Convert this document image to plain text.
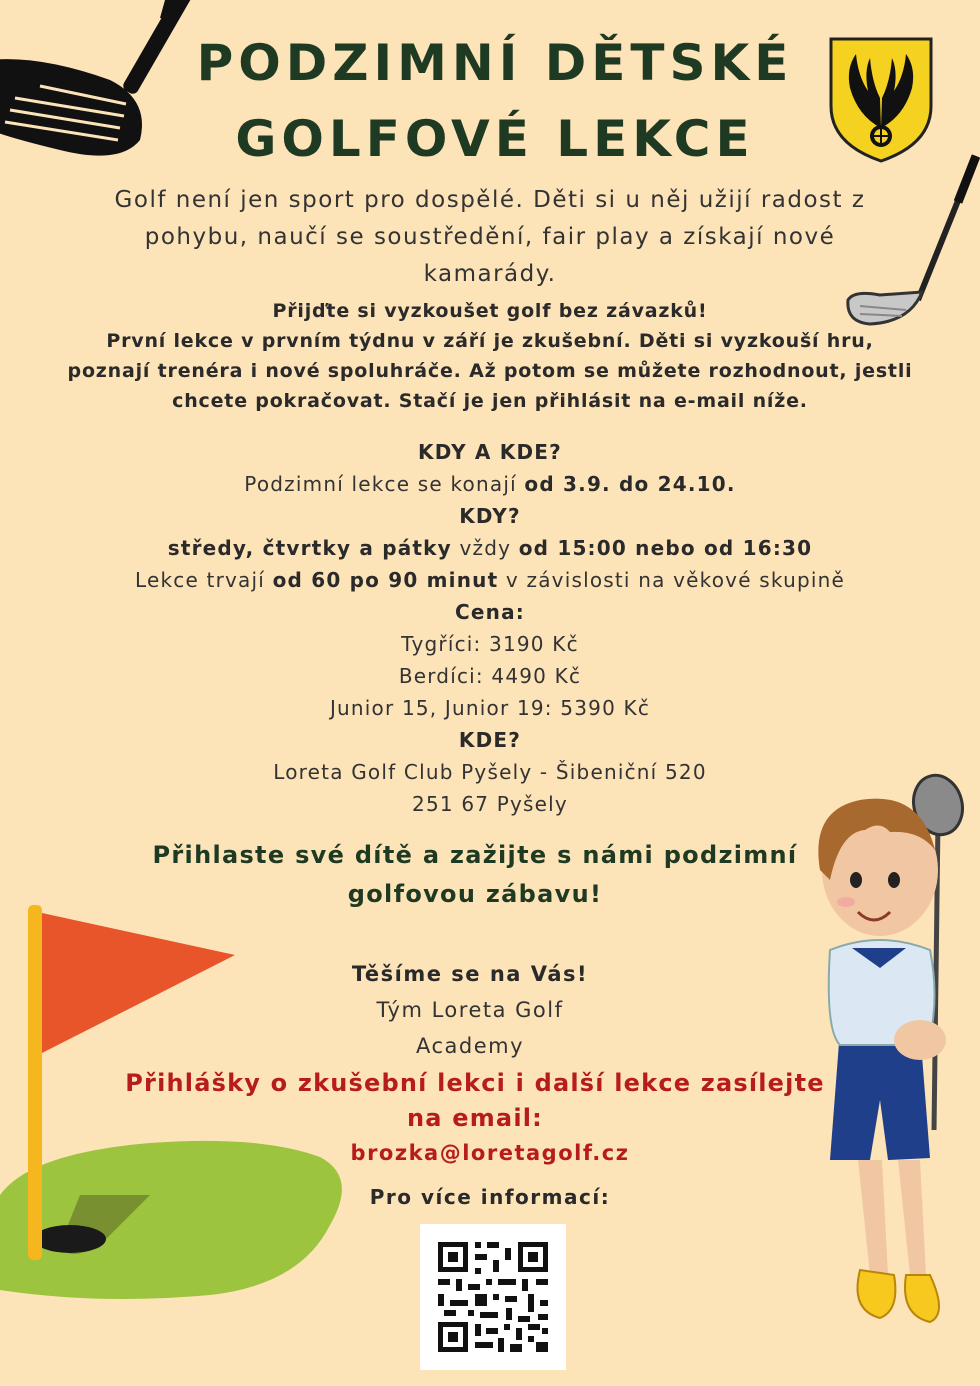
PODZIMNÍ DĚTSKÉ
GOLFOVÉ LEKCE
Golf není jen sport pro dospělé. Děti si u něj užijí radost z
pohybu, naučí se soustředění, fair play a získají nové
kamarády.
Přijďte si vyzkoušet golf bez závazků!
První lekce v prvním týdnu v září je zkušební. Děti si vyzkouší hru,
poznají trenéra i nové spoluhráče. Až potom se můžete rozhodnout, jestli
chcete pokračovat. Stačí je jen přihlásit na e-mail níže.
KDY A KDE?
Podzimní lekce se konají od 3.9. do 24.10.
KDY?
středy, čtvrtky a pátky vždy od 15:00 nebo od 16:30
Lekce trvají od 60 po 90 minut v závislosti na věkové skupině
Cena:
Tygříci: 3190 Kč
Berdíci: 4490 Kč
Junior 15, Junior 19: 5390 Kč
KDE?
Loreta Golf Club Pyšely - Šibeniční 520
251 67 Pyšely
Přihlaste své dítě a zažijte s námi podzimní
golfovou zábavu!
Těšíme se na Vás!
Tým Loreta Golf
Academy
Přihlášky o zkušební lekci i další lekce zasílejte
na email:
brozka@loretagolf.cz
Pro více informací:
